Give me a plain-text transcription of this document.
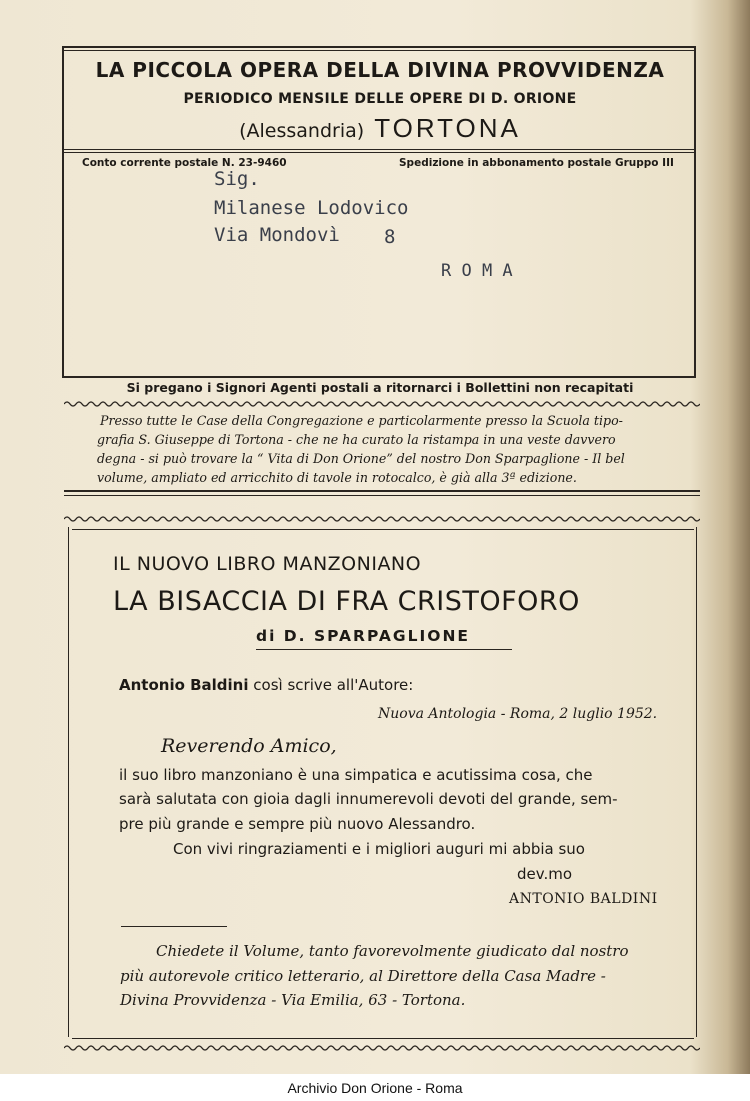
LA PICCOLA OPERA DELLA DIVINA PROVVIDENZA
PERIODICO MENSILE DELLE OPERE DI D. ORIONE
(Alessandria) TORTONA
Conto corrente postale N. 23-9460	Spedizione in abbonamento postale Gruppo III
Sig.
Milanese Lodovico
Via Mondovì 8
R O M A
Si pregano i Signori Agenti postali a ritornarci i Bollettini non recapitati
Presso tutte le Case della Congregazione e particolarmente presso la Scuola tipo-
grafia S. Giuseppe di Tortona - che ne ha curato la ristampa in una veste davvero
degna - si può trovare la “ Vita di Don Orione” del nostro Don Sparpaglione - Il bel
volume, ampliato ed arricchito di tavole in rotocalco, è già alla 3ª edizione.
IL NUOVO LIBRO MANZONIANO
LA BISACCIA DI FRA CRISTOFORO
di D. SPARPAGLIONE
Antonio Baldini così scrive all'Autore:
Nuova Antologia - Roma, 2 luglio 1952.
Reverendo Amico,
il suo libro manzoniano è una simpatica e acutissima cosa, che
sarà salutata con gioia dagli innumerevoli devoti del grande, sem-
pre più grande e sempre più nuovo Alessandro.
Con vivi ringraziamenti e i migliori auguri mi abbia suo
dev.mo
ANTONIO BALDINI
Chiedete il Volume, tanto favorevolmente giudicato dal nostro
più autorevole critico letterario, al Direttore della Casa Madre -
Divina Provvidenza - Via Emilia, 63 - Tortona.
Archivio Don Orione - Roma
